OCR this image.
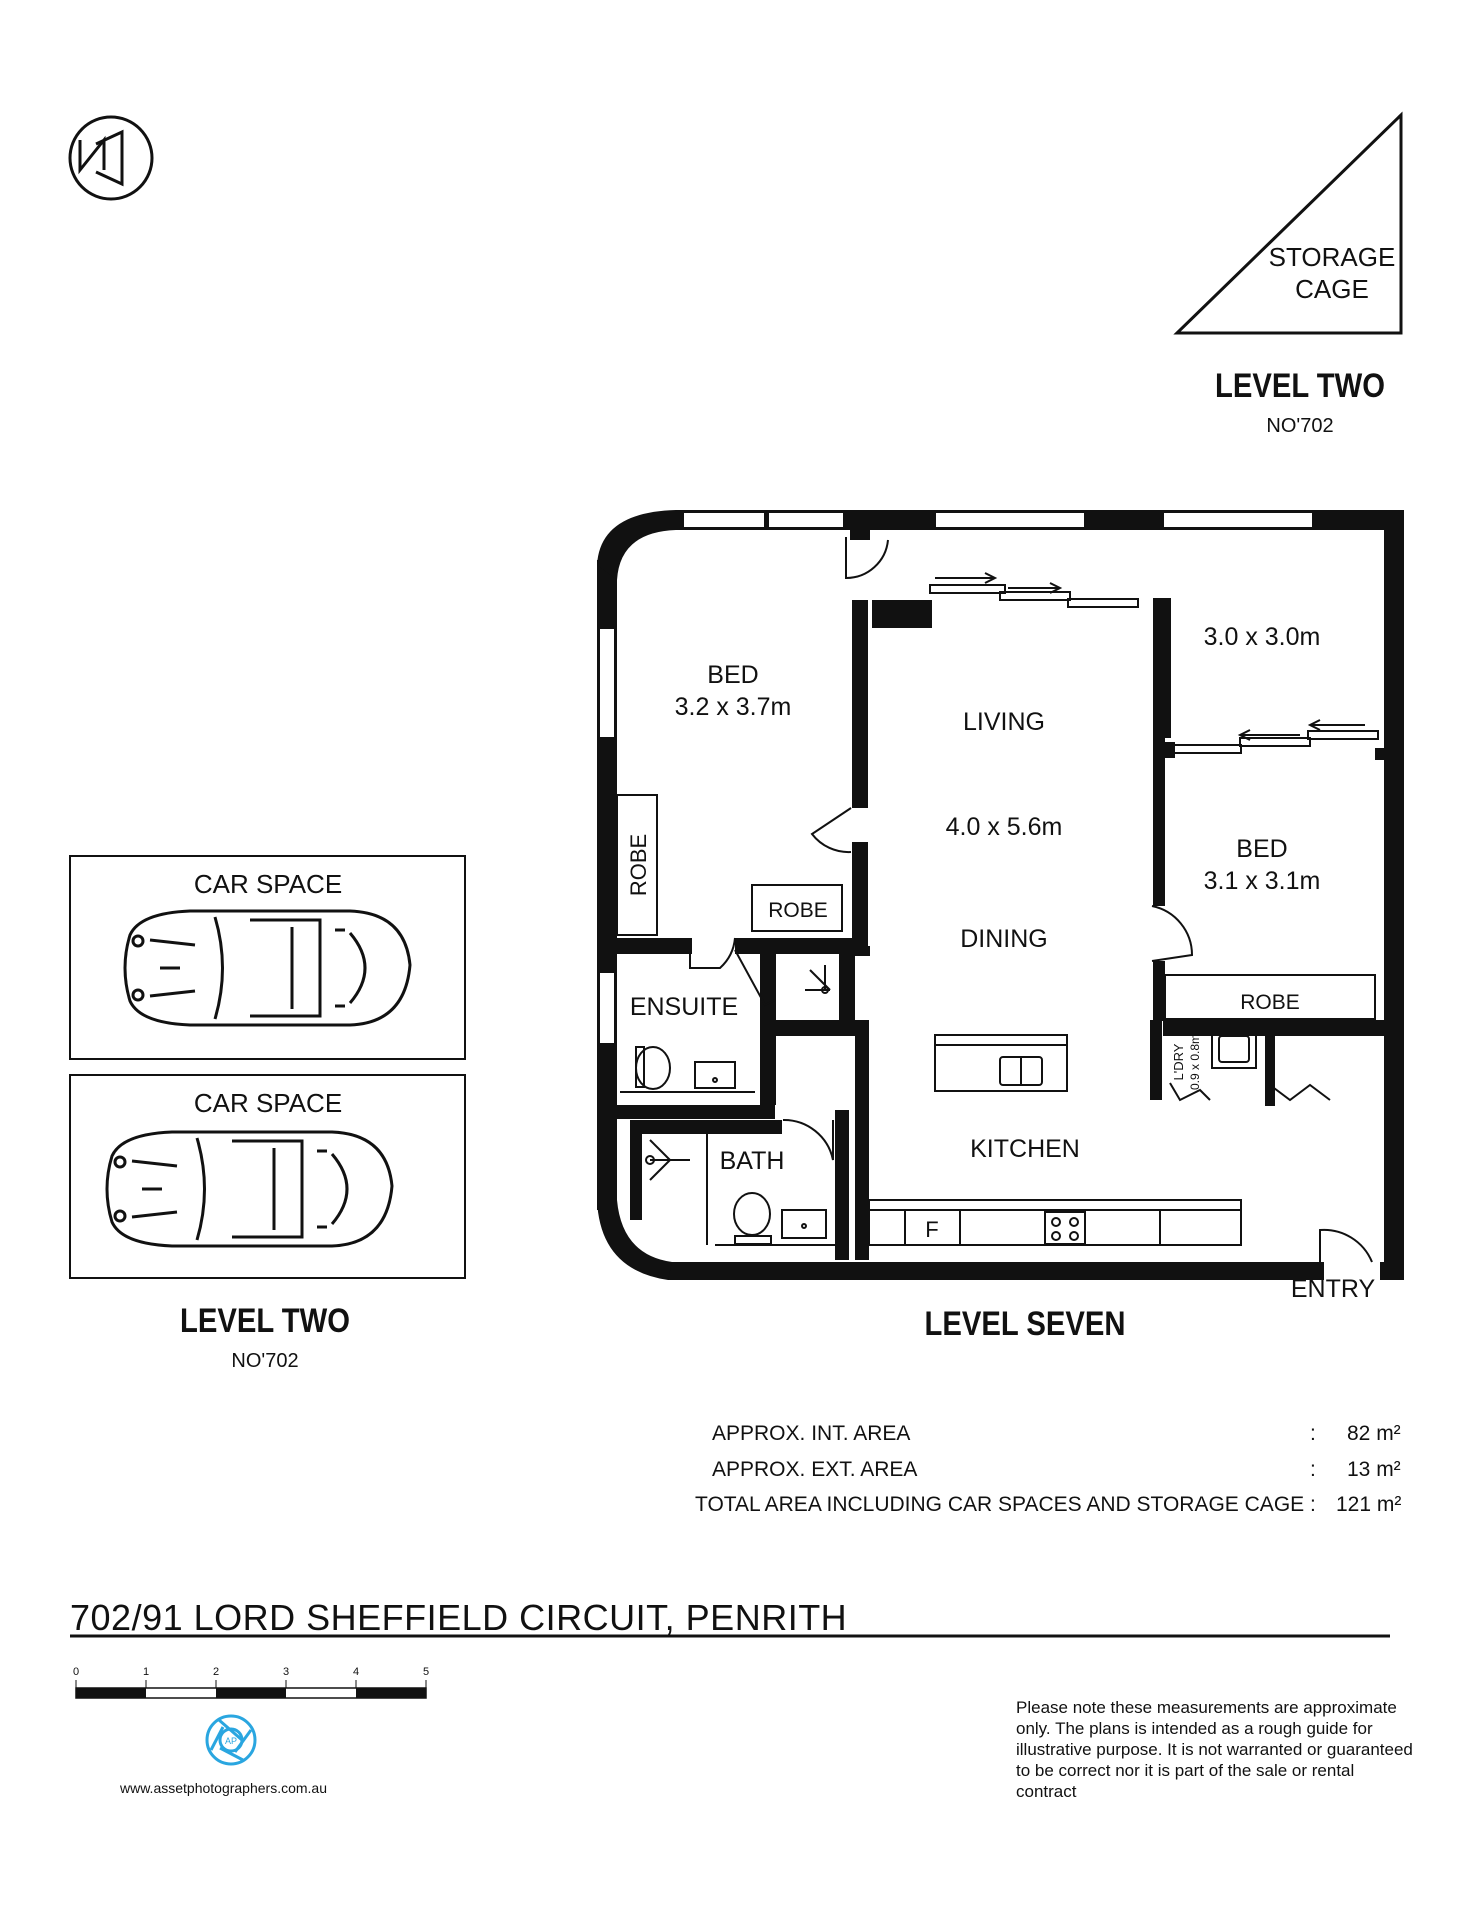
STORAGE
CAGE
CAR SPACE
CAR SPACE
ROBE
ROBE
ROBE
F
L'DRY 0.9 x 0.8m
BED
3.2 x 3.7m
ENSUITE
BATH
LIVING
4.0 x 5.6m
DINING
KITCHEN
3.0 x 3.0m
BED
3.1 x 3.1m
ENTRY
0	1	2	3	4	5
AP
LEVEL TWO
NO'702
LEVEL TWO
NO'702
LEVEL SEVEN
APPROX. INT. AREA	: 82 m²
APPROX. EXT. AREA	: 13 m²
TOTAL AREA INCLUDING CAR SPACES AND STORAGE CAGE : 121 m²
702/91 LORD SHEFFIELD CIRCUIT, PENRITH
www.assetphotographers.com.au
Please note these measurements are approximate only. The plans is intended as a rough guide for illustrative purpose. It is not warranted or guaranteed to be correct nor it is part of the sale or rental contract
